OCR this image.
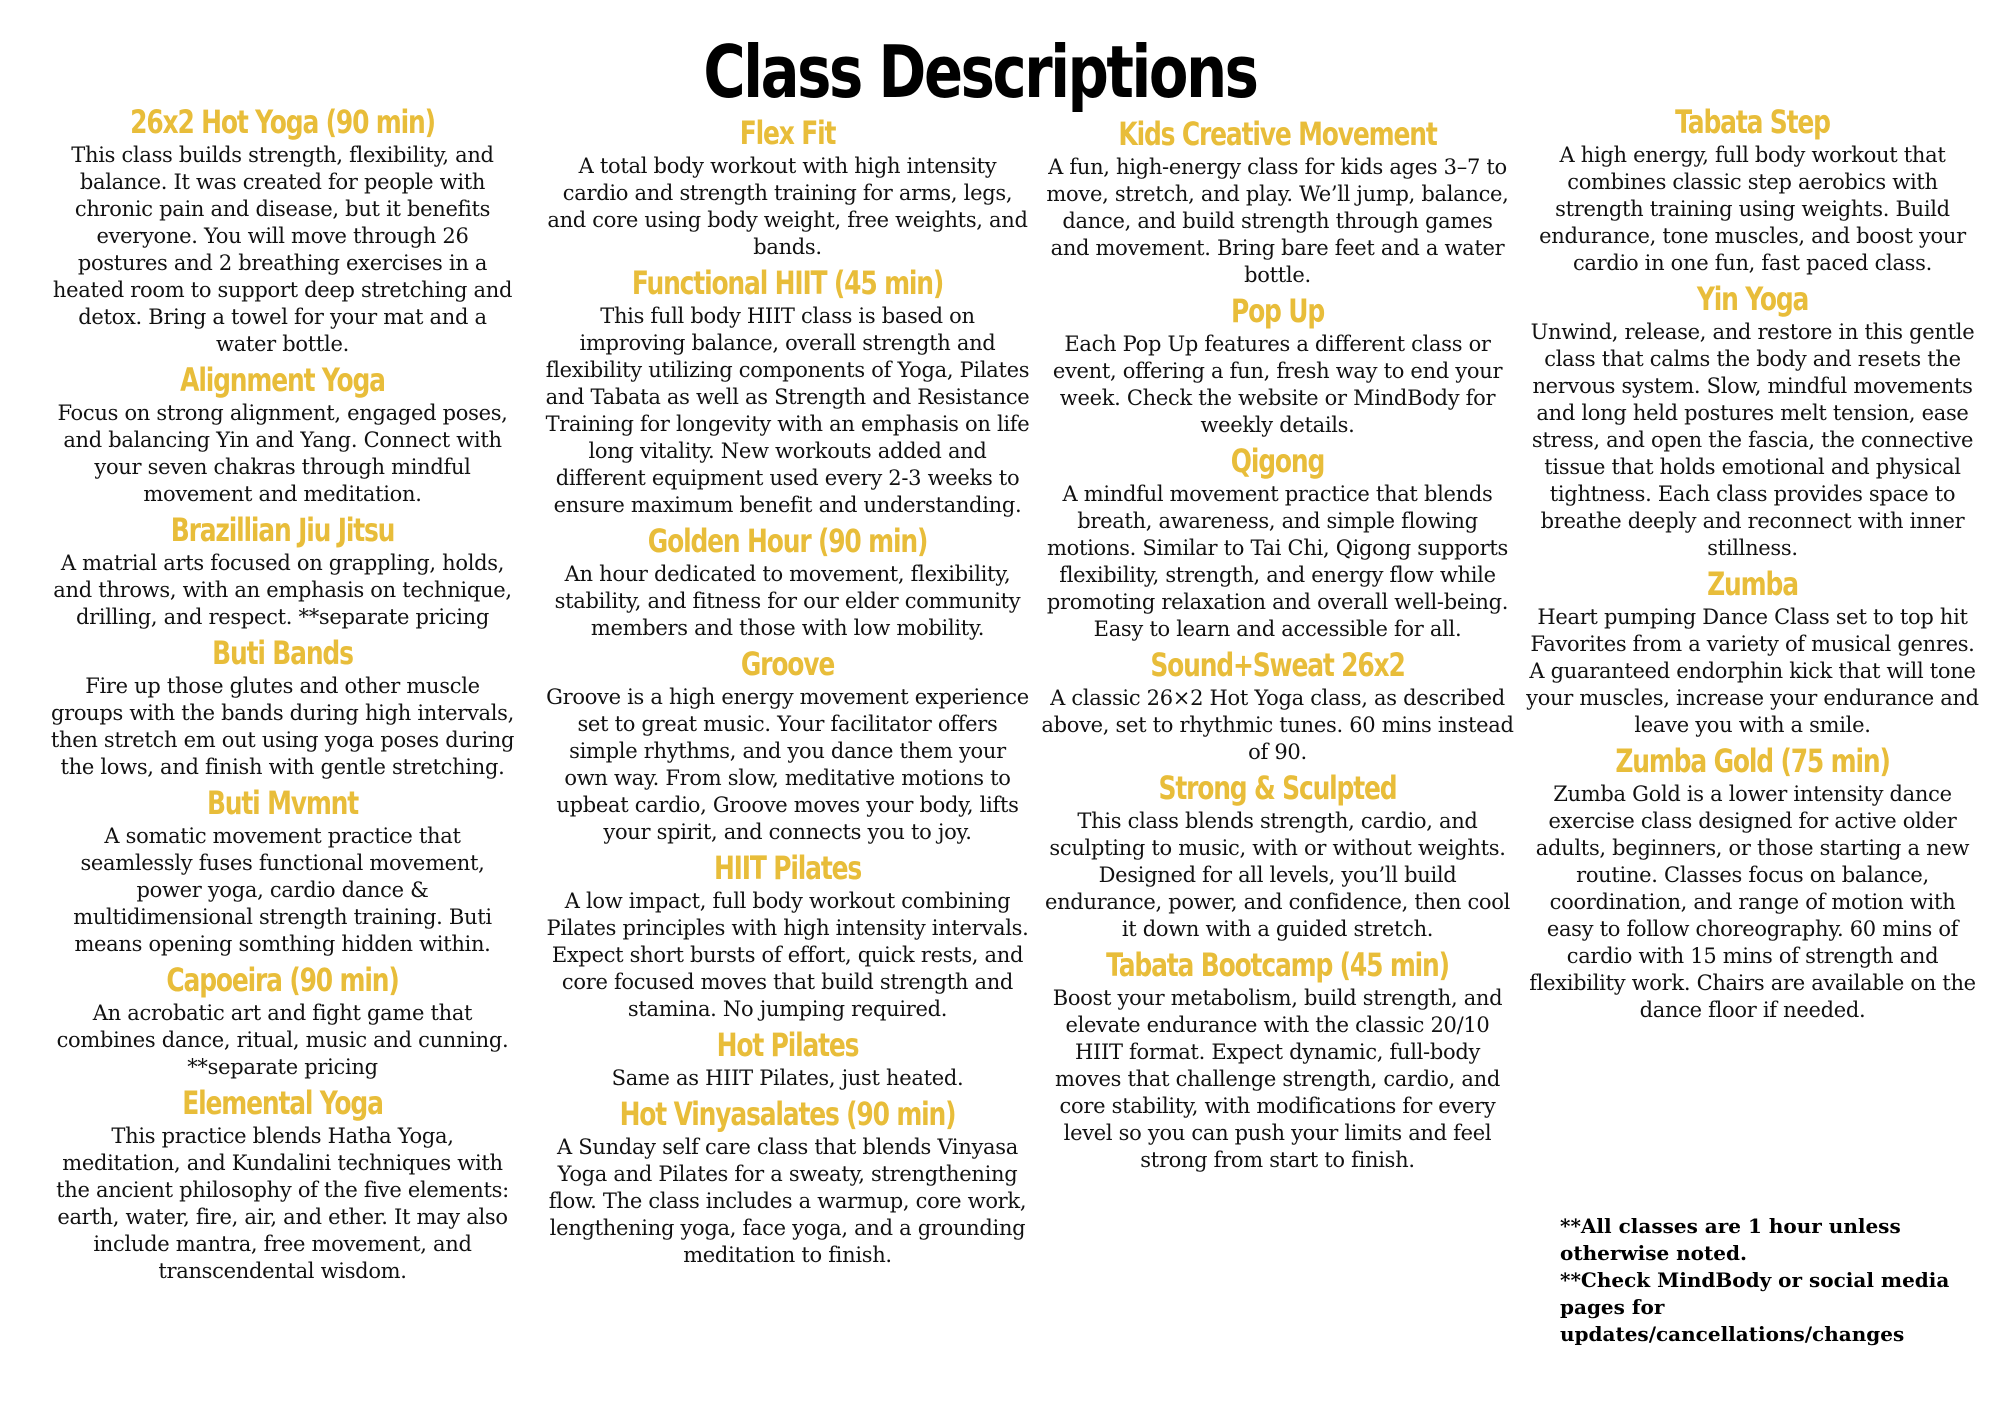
Class Descriptions
26x2 Hot Yoga (90 min)
This class builds strength, flexibility, and balance. It was created for people with chronic pain and disease, but it benefits everyone. You will move through 26 postures and 2 breathing exercises in a heated room to support deep stretching and detox. Bring a towel for your mat and a water bottle.
Alignment Yoga
Focus on strong alignment, engaged poses, and balancing Yin and Yang. Connect with your seven chakras through mindful movement and meditation.
Brazillian Jiu Jitsu
A matrial arts focused on grappling, holds, and throws, with an emphasis on technique, drilling, and respect. **separate pricing
Buti Bands
Fire up those glutes and other muscle groups with the bands during high intervals, then stretch em out using yoga poses during the lows, and finish with gentle stretching.
Buti Mvmnt
A somatic movement practice that seamlessly fuses functional movement, power yoga, cardio dance & multidimensional strength training. Buti means opening somthing hidden within.
Capoeira (90 min)
An acrobatic art and fight game that combines dance, ritual, music and cunning. **separate pricing
Elemental Yoga
This practice blends Hatha Yoga, meditation, and Kundalini techniques with the ancient philosophy of the five elements: earth, water, fire, air, and ether. It may also include mantra, free movement, and transcendental wisdom.
Flex Fit
A total body workout with high intensity cardio and strength training for arms, legs, and core using body weight, free weights, and bands.
Functional HIIT (45 min)
This full body HIIT class is based on improving balance, overall strength and flexibility utilizing components of Yoga, Pilates and Tabata as well as Strength and Resistance Training for longevity with an emphasis on life long vitality. New workouts added and different equipment used every 2-3 weeks to ensure maximum benefit and understanding.
Golden Hour (90 min)
An hour dedicated to movement, flexibility, stability, and fitness for our elder community members and those with low mobility.
Groove
Groove is a high energy movement experience set to great music. Your facilitator offers simple rhythms, and you dance them your own way. From slow, meditative motions to upbeat cardio, Groove moves your body, lifts your spirit, and connects you to joy.
HIIT Pilates
A low impact, full body workout combining Pilates principles with high intensity intervals. Expect short bursts of effort, quick rests, and core focused moves that build strength and stamina. No jumping required.
Hot Pilates
Same as HIIT Pilates, just heated.
Hot Vinyasalates (90 min)
A Sunday self care class that blends Vinyasa Yoga and Pilates for a sweaty, strengthening flow. The class includes a warmup, core work, lengthening yoga, face yoga, and a grounding meditation to finish.
Kids Creative Movement
A fun, high-energy class for kids ages 3–7 to move, stretch, and play. We’ll jump, balance, dance, and build strength through games and movement. Bring bare feet and a water bottle.
Pop Up
Each Pop Up features a different class or event, offering a fun, fresh way to end your week. Check the website or MindBody for weekly details.
Qigong
A mindful movement practice that blends breath, awareness, and simple flowing motions. Similar to Tai Chi, Qigong supports flexibility, strength, and energy flow while promoting relaxation and overall well-being. Easy to learn and accessible for all.
Sound+Sweat 26x2
A classic 26×2 Hot Yoga class, as described above, set to rhythmic tunes. 60 mins instead of 90.
Strong & Sculpted
This class blends strength, cardio, and sculpting to music, with or without weights. Designed for all levels, you’ll build endurance, power, and confidence, then cool it down with a guided stretch.
Tabata Bootcamp (45 min)
Boost your metabolism, build strength, and elevate endurance with the classic 20/10 HIIT format. Expect dynamic, full-body moves that challenge strength, cardio, and core stability, with modifications for every level so you can push your limits and feel strong from start to finish.
Tabata Step
A high energy, full body workout that combines classic step aerobics with strength training using weights. Build endurance, tone muscles, and boost your cardio in one fun, fast paced class.
Yin Yoga
Unwind, release, and restore in this gentle class that calms the body and resets the nervous system. Slow, mindful movements and long held postures melt tension, ease stress, and open the fascia, the connective tissue that holds emotional and physical tightness. Each class provides space to breathe deeply and reconnect with inner stillness.
Zumba
Heart pumping Dance Class set to top hit Favorites from a variety of musical genres. A guaranteed endorphin kick that will tone your muscles, increase your endurance and leave you with a smile.
Zumba Gold (75 min)
Zumba Gold is a lower intensity dance exercise class designed for active older adults, beginners, or those starting a new routine. Classes focus on balance, coordination, and range of motion with easy to follow choreography. 60 mins of cardio with 15 mins of strength and flexibility work. Chairs are available on the dance floor if needed.
**All classes are 1 hour unless otherwise noted.
**Check MindBody or social media pages for updates/cancellations/changes
